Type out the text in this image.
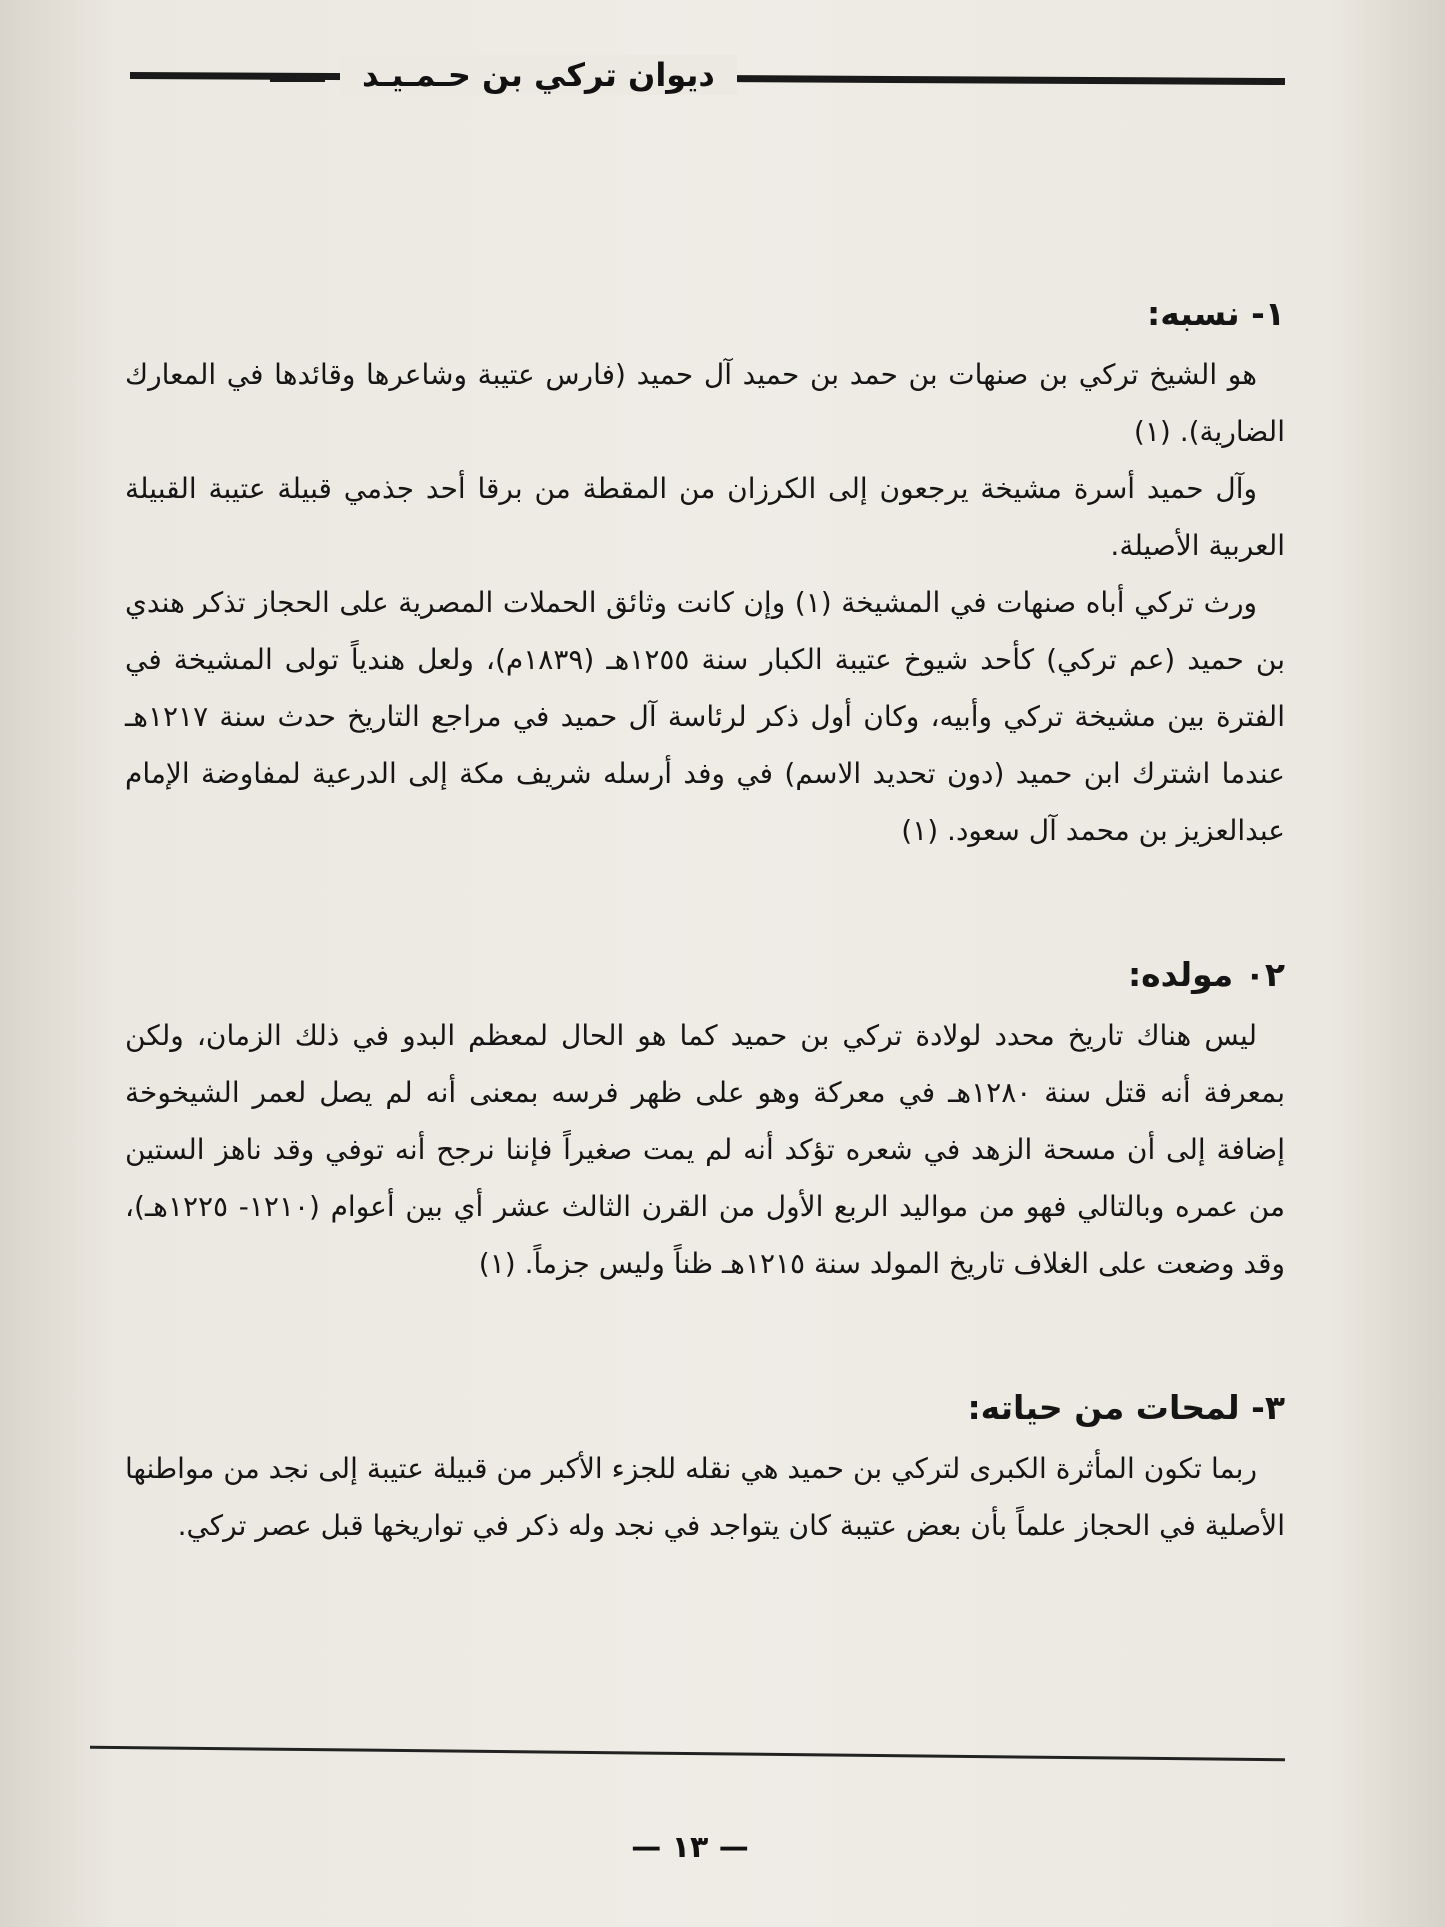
ديوان تركي بن حـمـيـد
١- نسبه:

هو الشيخ تركي بن صنهات بن حمد بن حميد آل حميد (فارس عتيبة وشاعرها وقائدها في المعارك الضارية). (١)

وآل حميد أسرة مشيخة يرجعون إلى الكرزان من المقطة من برقا أحد جذمي قبيلة عتيبة القبيلة العربية الأصيلة.

ورث تركي أباه صنهات في المشيخة (١) وإن كانت وثائق الحملات المصرية على الحجاز تذكر هندي بن حميد (عم تركي) كأحد شيوخ عتيبة الكبار سنة ١٢٥٥هـ (١٨٣٩م)، ولعل هندياً تولى المشيخة في الفترة بين مشيخة تركي وأبيه، وكان أول ذكر لرئاسة آل حميد في مراجع التاريخ حدث سنة ١٢١٧هـ عندما اشترك ابن حميد (دون تحديد الاسم) في وفد أرسله شريف مكة إلى الدرعية لمفاوضة الإمام عبدالعزيز بن محمد آل سعود. (١)

٠٢ مولده:

ليس هناك تاريخ محدد لولادة تركي بن حميد كما هو الحال لمعظم البدو في ذلك الزمان، ولكن بمعرفة أنه قتل سنة ١٢٨٠هـ في معركة وهو على ظهر فرسه بمعنى أنه لم يصل لعمر الشيخوخة إضافة إلى أن مسحة الزهد في شعره تؤكد أنه لم يمت صغيراً فإننا نرجح أنه توفي وقد ناهز الستين من عمره وبالتالي فهو من مواليد الربع الأول من القرن الثالث عشر أي بين أعوام (١٢١٠- ١٢٢٥هـ)، وقد وضعت على الغلاف تاريخ المولد سنة ١٢١٥هـ ظناً وليس جزماً. (١)

٣- لمحات من حياته:

ربما تكون المأثرة الكبرى لتركي بن حميد هي نقله للجزء الأكبر من قبيلة عتيبة إلى نجد من مواطنها الأصلية في الحجاز علماً بأن بعض عتيبة كان يتواجد في نجد وله ذكر في تواريخها قبل عصر تركي.

— ١٣ —
